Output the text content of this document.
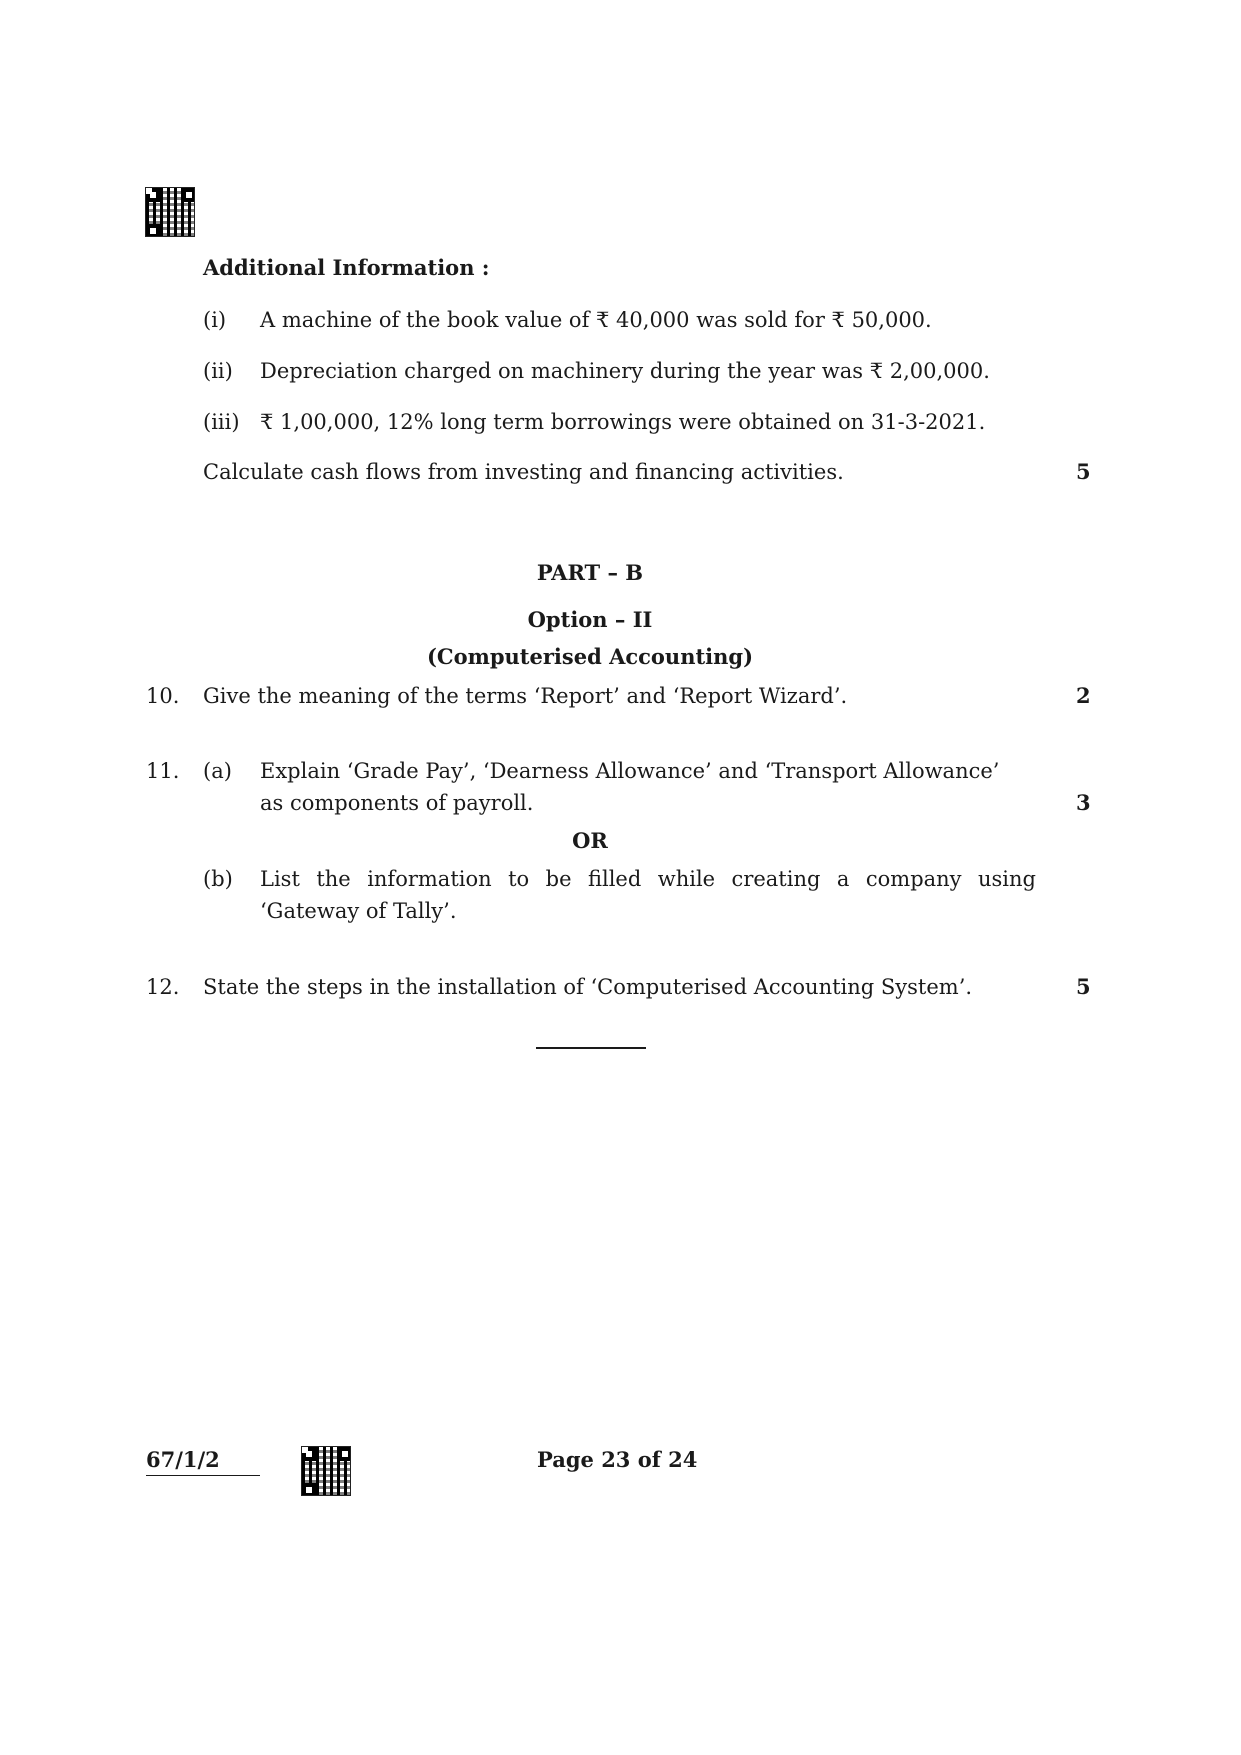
Additional Information :
(i) A machine of the book value of ₹ 40,000 was sold for ₹ 50,000.
(ii) Depreciation charged on machinery during the year was ₹ 2,00,000.
(iii) ₹ 1,00,000, 12% long term borrowings were obtained on 31-3-2021.
Calculate cash flows from investing and financing activities.	5
PART – B
Option – II
(Computerised Accounting)
10. Give the meaning of the terms ‘Report’ and ‘Report Wizard’.	2
11. (a) Explain ‘Grade Pay’, ‘Dearness Allowance’ and ‘Transport Allowance’
as components of payroll.	3
OR
(b) List the information to be filled while creating a company using
‘Gateway of Tally’.
12. State the steps in the installation of ‘Computerised Accounting System’.	5
67/1/2	Page 23 of 24
